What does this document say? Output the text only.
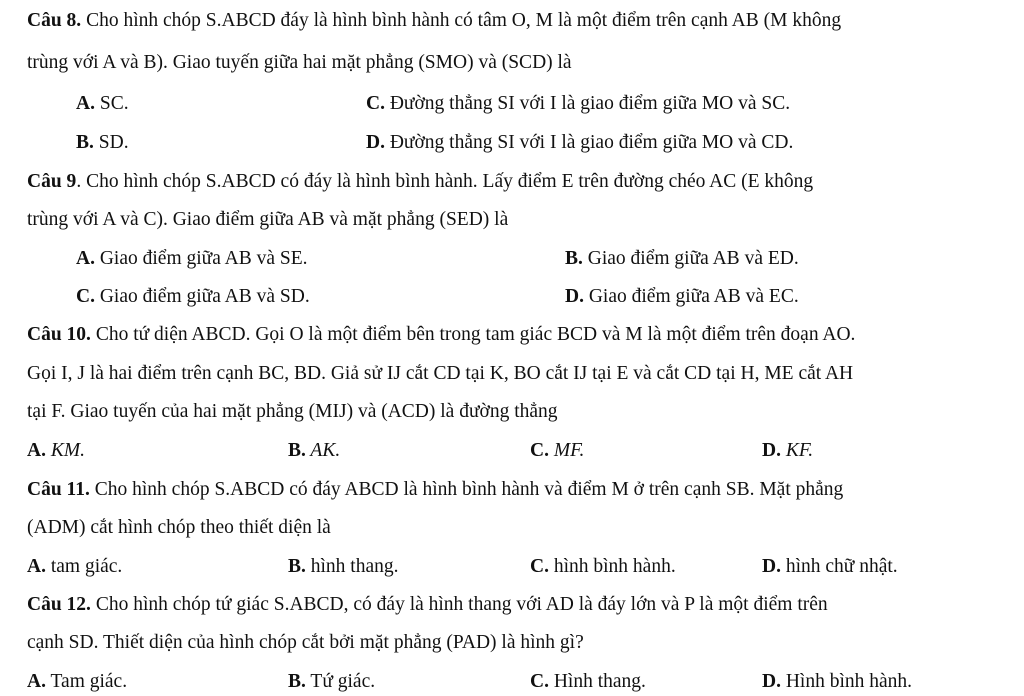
Câu 8. Cho hình chóp S.ABCD đáy là hình bình hành có tâm O, M là một điểm trên cạnh AB (M không
trùng với A và B). Giao tuyến giữa hai mặt phẳng (SMO) và (SCD) là
A. SC.	C. Đường thẳng SI với I là giao điểm giữa MO và SC.
B. SD.	D. Đường thẳng SI với I là giao điểm giữa MO và CD.
Câu 9. Cho hình chóp S.ABCD có đáy là hình bình hành. Lấy điểm E trên đường chéo AC (E không
trùng với A và C). Giao điểm giữa AB và mặt phẳng (SED) là
A. Giao điểm giữa AB và SE.	B. Giao điểm giữa AB và ED.
C. Giao điểm giữa AB và SD.	D. Giao điểm giữa AB và EC.
Câu 10. Cho tứ diện ABCD. Gọi O là một điểm bên trong tam giác BCD và M là một điểm trên đoạn AO.
Gọi I, J là hai điểm trên cạnh BC, BD. Giả sử IJ cắt CD tại K, BO cắt IJ tại E và cắt CD tại H, ME cắt AH
tại F. Giao tuyến của hai mặt phẳng (MIJ) và (ACD) là đường thẳng
A. KM.	B. AK.	C. MF.	D. KF.
Câu 11. Cho hình chóp S.ABCD có đáy ABCD là hình bình hành và điểm M ở trên cạnh SB. Mặt phẳng
(ADM) cắt hình chóp theo thiết diện là
A. tam giác.	B. hình thang.	C. hình bình hành.	D. hình chữ nhật.
Câu 12. Cho hình chóp tứ giác S.ABCD, có đáy là hình thang với AD là đáy lớn và P là một điểm trên
cạnh SD. Thiết diện của hình chóp cắt bởi mặt phẳng (PAD) là hình gì?
A. Tam giác.	B. Tứ giác.	C. Hình thang.	D. Hình bình hành.
